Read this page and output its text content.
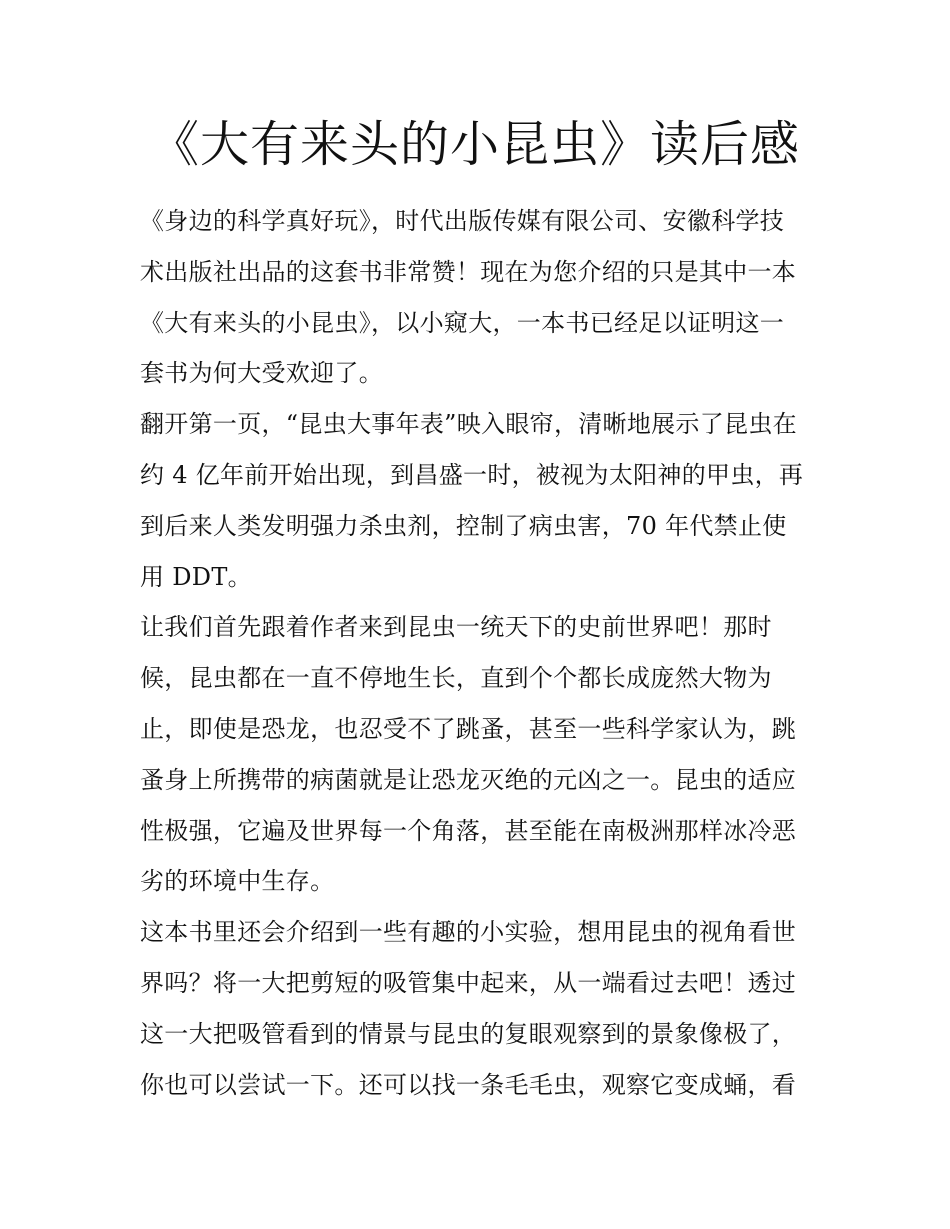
《大有来头的小昆虫》读后感
《身边的科学真好玩》，时代出版传媒有限公司、安徽科学技
术出版社出品的这套书非常赞！现在为您介绍的只是其中一本
《大有来头的小昆虫》，以小窥大，一本书已经足以证明这一
套书为何大受欢迎了。
翻开第一页，“昆虫大事年表”映入眼帘，清晰地展示了昆虫在
约 4 亿年前开始出现，到昌盛一时，被视为太阳神的甲虫，再
到后来人类发明强力杀虫剂，控制了病虫害，70 年代禁止使
用 DDT。
让我们首先跟着作者来到昆虫一统天下的史前世界吧！那时
候，昆虫都在一直不停地生长，直到个个都长成庞然大物为
止，即使是恐龙，也忍受不了跳蚤，甚至一些科学家认为，跳
蚤身上所携带的病菌就是让恐龙灭绝的元凶之一。昆虫的适应
性极强，它遍及世界每一个角落，甚至能在南极洲那样冰冷恶
劣的环境中生存。
这本书里还会介绍到一些有趣的小实验，想用昆虫的视角看世
界吗？将一大把剪短的吸管集中起来，从一端看过去吧！透过
这一大把吸管看到的情景与昆虫的复眼观察到的景象像极了，
你也可以尝试一下。还可以找一条毛毛虫，观察它变成蛹，看
